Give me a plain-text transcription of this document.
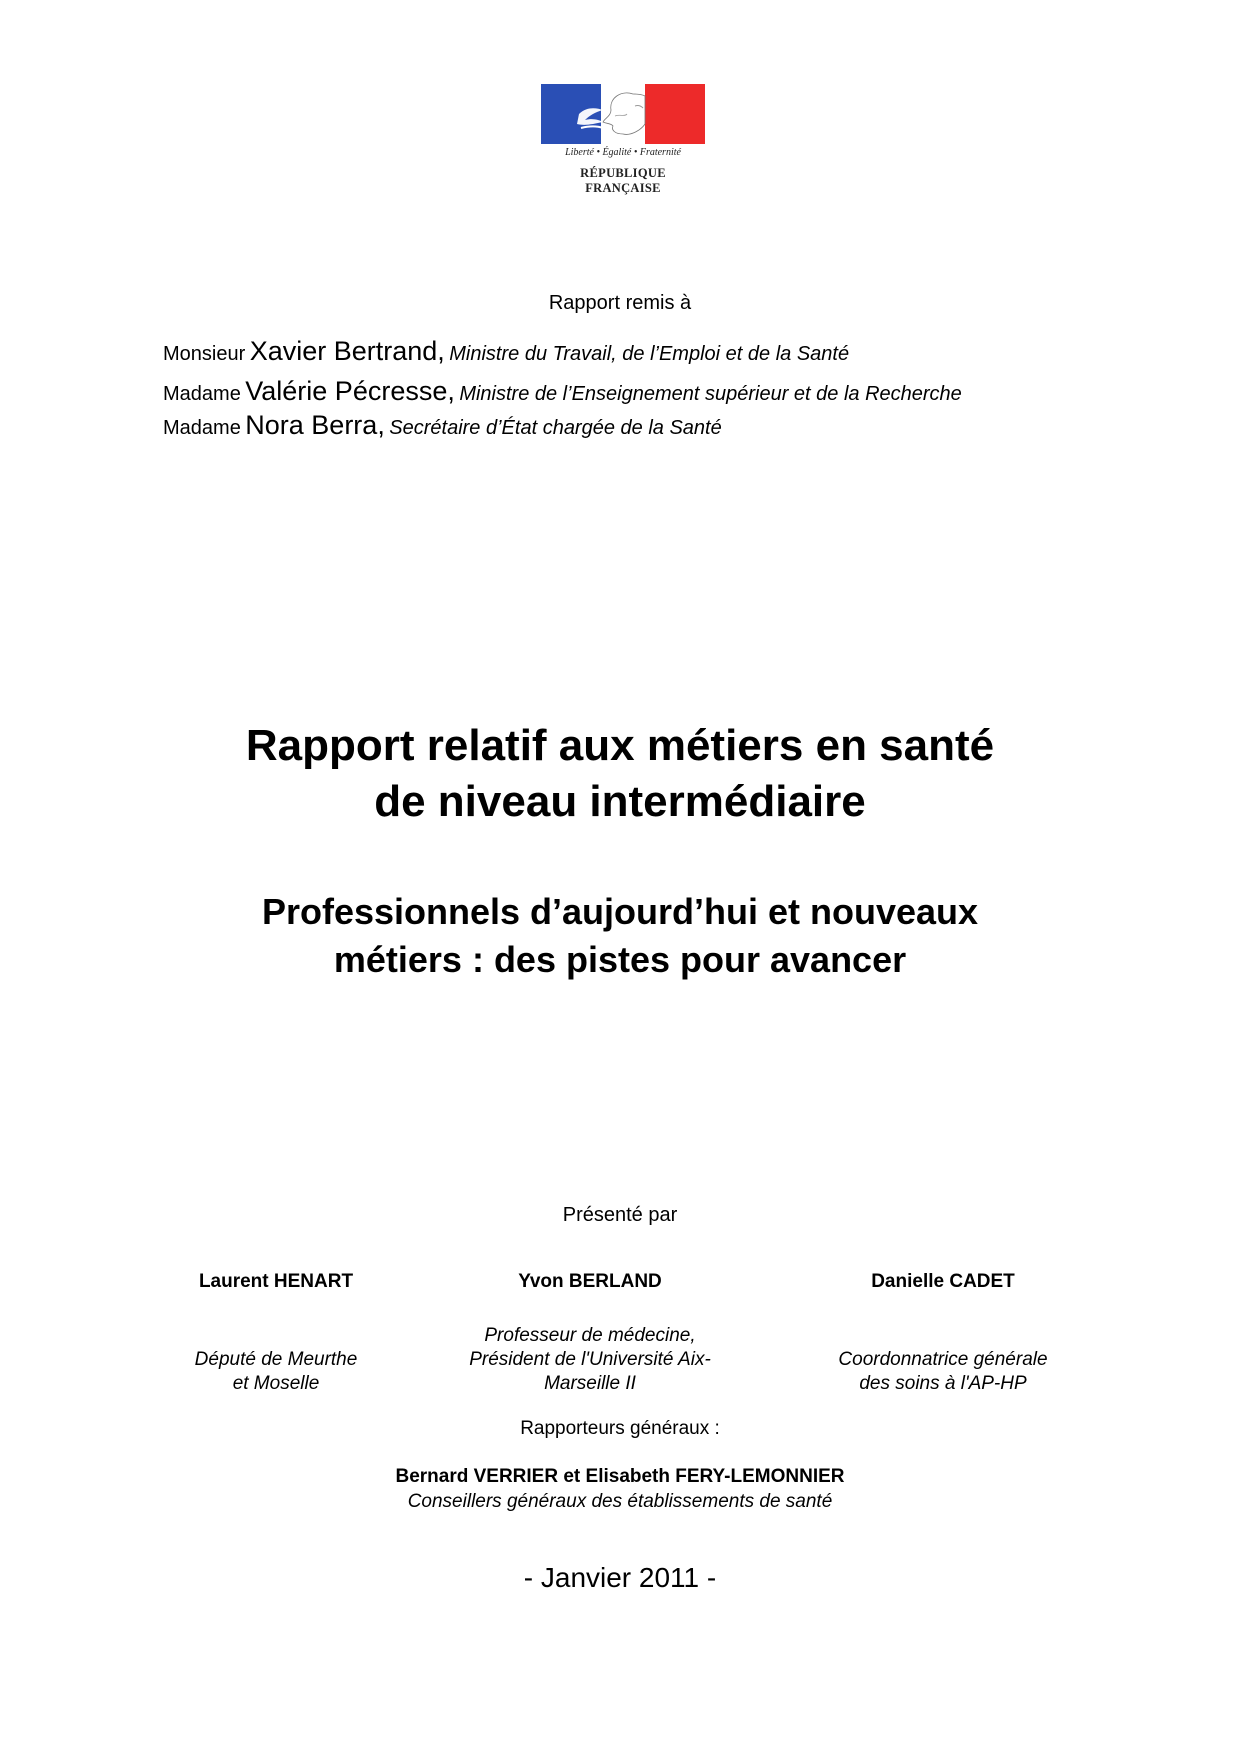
Liberté • Égalité • Fraternité
RÉPUBLIQUE FRANÇAISE
Rapport remis à
Monsieur Xavier Bertrand, Ministre du Travail, de l’Emploi et de la Santé
Madame Valérie Pécresse, Ministre de l’Enseignement supérieur et de la Recherche
Madame Nora Berra, Secrétaire d’État chargée de la Santé
Rapport relatif aux métiers en santé
de niveau intermédiaire
Professionnels d’aujourd’hui et nouveaux
métiers : des pistes pour avancer
Présenté par
Laurent HENART
Député de Meurthe
et Moselle
Yvon BERLAND
Professeur de médecine,
Président de l'Université Aix-
Marseille II
Danielle CADET
Coordonnatrice générale
des soins à l'AP-HP
Rapporteurs généraux :
Bernard VERRIER et Elisabeth FERY-LEMONNIER
Conseillers généraux des établissements de santé
- Janvier 2011 -
